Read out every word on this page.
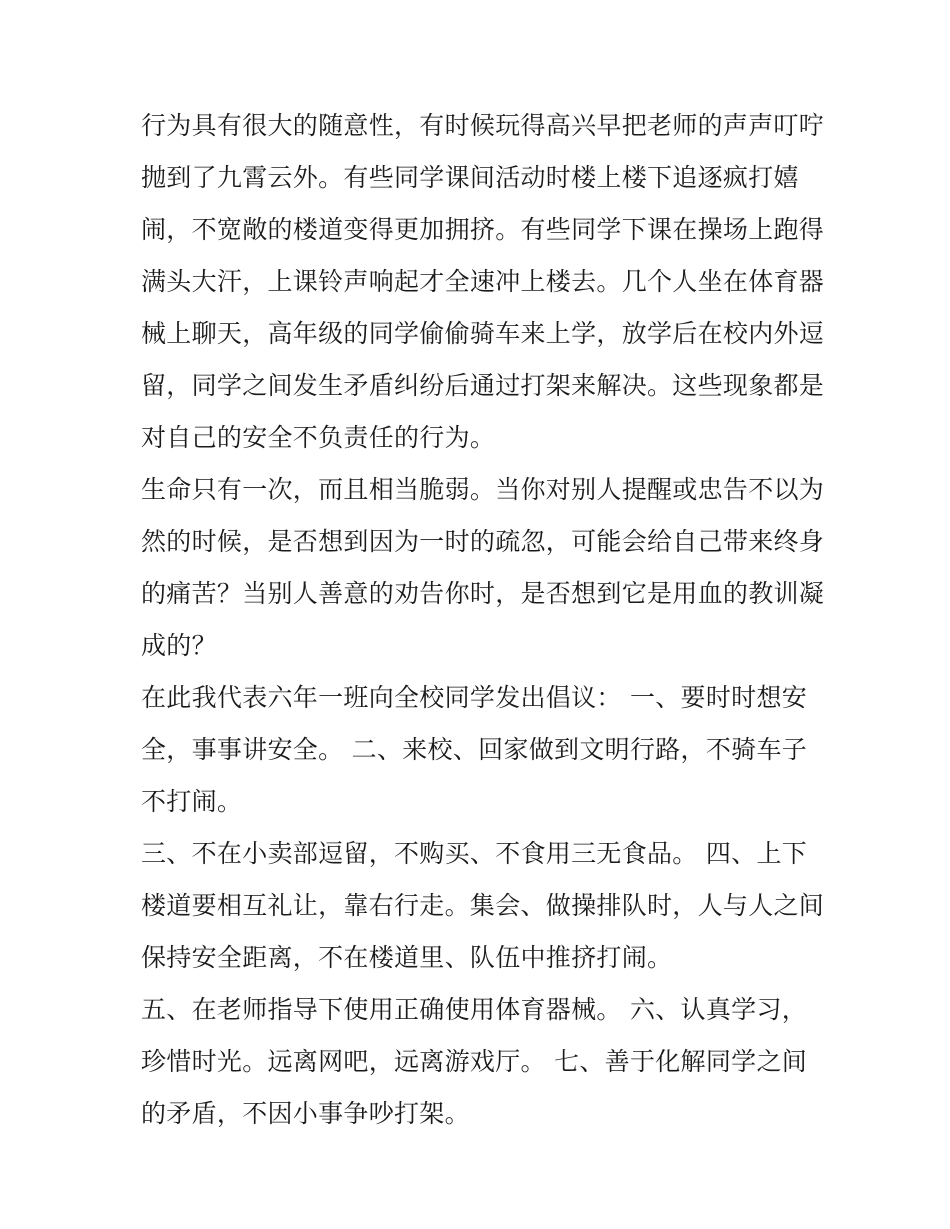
行为具有很大的随意性，有时候玩得高兴早把老师的声声叮咛
抛到了九霄云外。有些同学课间活动时楼上楼下追逐疯打嬉
闹，不宽敞的楼道变得更加拥挤。有些同学下课在操场上跑得
满头大汗，上课铃声响起才全速冲上楼去。几个人坐在体育器
械上聊天，高年级的同学偷偷骑车来上学，放学后在校内外逗
留，同学之间发生矛盾纠纷后通过打架来解决。这些现象都是
对自己的安全不负责任的行为。
生命只有一次，而且相当脆弱。当你对别人提醒或忠告不以为
然的时候，是否想到因为一时的疏忽，可能会给自己带来终身
的痛苦？当别人善意的劝告你时，是否想到它是用血的教训凝
成的？
在此我代表六年一班向全校同学发出倡议： 一、要时时想安
全，事事讲安全。 二、来校、回家做到文明行路，不骑车子
不打闹。
三、不在小卖部逗留，不购买、不食用三无食品。 四、上下
楼道要相互礼让，靠右行走。集会、做操排队时，人与人之间
保持安全距离，不在楼道里、队伍中推挤打闹。
五、在老师指导下使用正确使用体育器械。 六、认真学习，
珍惜时光。远离网吧，远离游戏厅。 七、善于化解同学之间
的矛盾，不因小事争吵打架。
